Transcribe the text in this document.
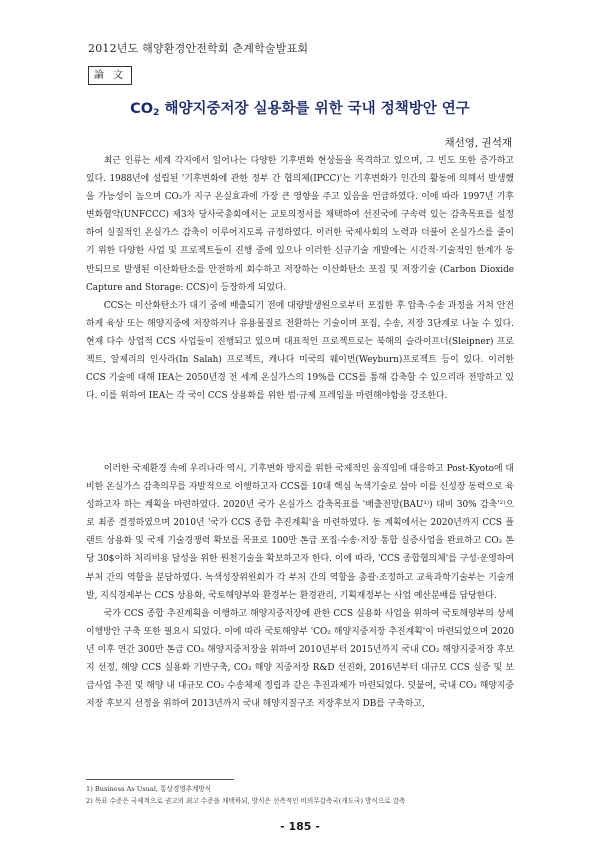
2012년도 해양환경안전학회 춘계학술발표회
論 文
$CO_2$ 해양지중저장 실용화를 위한 국내 정책방안 연구
채선영, 권석재

최근 인류는 세계 각지에서 일어나는 다양한 기후변화 현상들을 목격하고 있으며, 그 빈도 또한 증가하고 있다. 1988년에 설립된 '기후변화에 관한 정부 간 협의체(IPCC)'는 기후변화가 인간의 활동에 의해서 발생했을 가능성이 높으며 CO₂가 지구 온실효과에 가장 큰 영향을 주고 있음을 언급하였다. 이에 따라 1997년 기후변화협약(UNFCCC) 제3차 당사국총회에서는 교토의정서를 채택하여 선진국에 구속력 있는 감축목표를 설정하여 실질적인 온실가스 감축이 이루어지도록 규정하였다. 이러한 국제사회의 노력과 더불어 온실가스를 줄이기 위한 다양한 사업 및 프로젝트들이 진행 중에 있으나 이러한 신규기술 개발에는 시간적·기술적인 한계가 동반되므로 발생된 이산화탄소를 안전하게 회수하고 저장하는 이산화탄소 포집 및 저장기술 (Carbon Dioxide Capture and Storage: CCS)이 등장하게 되었다.

CCS는 이산화탄소가 대기 중에 배출되기 전에 대량발생원으로부터 포집한 후 압축·수송 과정을 거쳐 안전하게 육상 또는 해양지중에 저장하거나 유용물질로 전환하는 기술이며 포집, 수송, 저장 3단계로 나눌 수 있다. 현재 다수 상업적 CCS 사업들이 진행되고 있으며 대표적인 프로젝트로는 북해의 슬라이프너(Sleipner) 프로젝트, 알제리의 인사라(In Salah) 프로젝트, 캐나다 미국의 웨이번(Weyburn)프로젝트 등이 있다. 이러한 CCS 기술에 대해 IEA는 2050년경 전 세계 온실가스의 19%를 CCS를 통해 감축할 수 있으리라 전망하고 있다. 이를 위하여 IEA는 각 국이 CCS 상용화를 위한 법·규제 프레임을 마련해야함을 강조한다.

이러한 국제환경 속에 우리나라 역시, 기후변화 방지를 위한 국제적인 움직임에 대응하고 Post-Kyoto에 대비한 온실가스 감축의무를 자발적으로 이행하고자 CCS를 10대 핵심 녹색기술로 삼아 이를 신성장 동력으로 육성하고자 하는 계획을 마련하였다. 2020년 국가 온실가스 감축목표를 '배출전망(BAU¹⁾) 대비 30% 감축'²⁾으로 최종 결정하였으며 2010년 '국가 CCS 종합 추진계획'을 마련하였다. 동 계획에서는 2020년까지 CCS 플랜트 상용화 및 국제 기술경쟁력 확보를 목표로 100만 톤급 포집·수송·저장 통합 실증사업을 완료하고 CO₂ 톤당 30$이하 처리비용 달성을 위한 원천기술을 확보하고자 한다. 이에 따라, 'CCS 종합협의체'를 구성·운영하여 부처 간의 역할을 분담하였다. 녹색성장위원회가 각 부처 간의 역할을 총괄·조정하고 교육과학기술부는 기술개발, 지식경제부는 CCS 상용화, 국토해양부와 환경부는 환경관리, 기획재정부는 사업 예산분배를 담당한다.

국가 CCS 종합 추진계획을 이행하고 해양지중저장에 관한 CCS 실용화 사업을 위하여 국토해양부의 상세 이행방안 구축 또한 필요시 되었다. 이에 따라 국토해양부 'CO₂ 해양지중저장 추진계획'이 마련되었으며 2020년 이후 연간 300만 톤급 CO₂ 해양지중저장을 위하여 2010년부터 2015년까지 국내 CO₂ 해양지중저장 후보지 선정, 해양 CCS 실용화 기반구축, CO₂ 해양 지중저장 R&D 선진화, 2016년부터 대규모 CCS 실증 및 보급사업 추진 및 해양 내 대규모 CO₂ 수송체제 정립과 같은 추진과제가 마련되었다. 덧붙여, 국내 CO₂ 해양지중저장 후보지 선정을 위하여 2013년까지 국내 해양지질구조 저장후보지 DB를 구축하고,

1) Business As Usual, 통상경영추계방식
2) 목표 수준은 국제적으로 권고의 최고 수준을 채택하되, 방식은 선측적인 비의무감축국(개도국) 방식으로 감축
- 185 -
